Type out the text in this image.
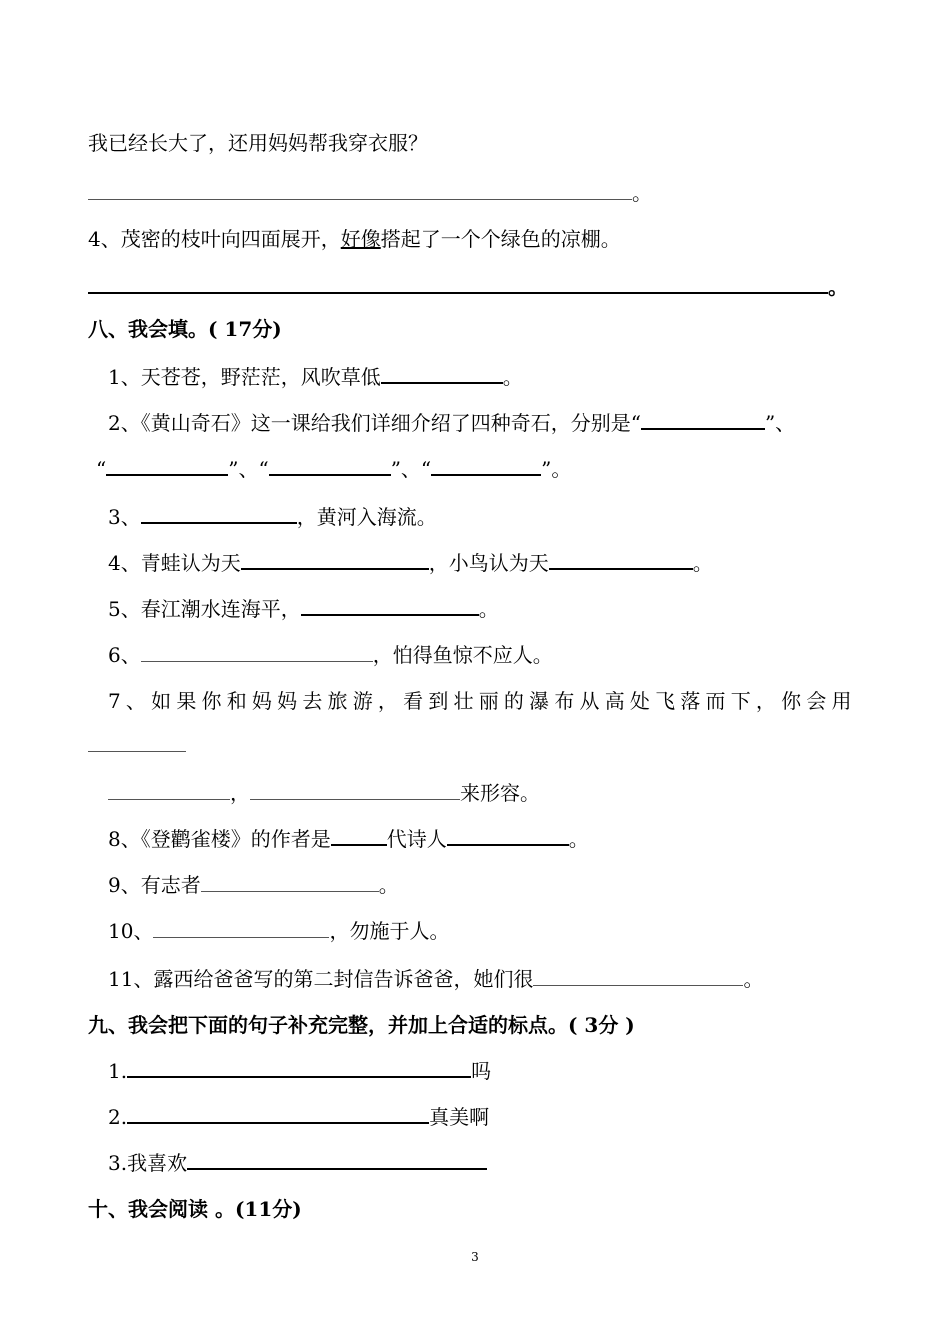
我已经长大了，还用妈妈帮我穿衣服？
。
4、茂密的枝叶向四面展开，好像搭起了一个个绿色的凉棚。
。
八、我会填。( 17分)
1、天苍苍，野茫茫，风吹草低	。
2、《黄山奇石》这一课给我们详细介绍了四种奇石，分别是“	”、
“	”、“	”、“	”。
3、	，黄河入海流。
4、青蛙认为天	，小鸟认为天	。
5、春江潮水连海平，	。
6、	，怕得鱼惊不应人。
7、如果你和妈妈去旅游，看到壮丽的瀑布从高处飞落而下，你会用
，	来形容。
8、《登鹳雀楼》的作者是	代诗人	。
9、有志者	。
10、	，勿施于人。
11、露西给爸爸写的第二封信告诉爸爸，她们很	。
九、我会把下面的句子补充完整，并加上合适的标点。( 3分 )
1.	吗
2.	真美啊
3.我喜欢
十、我会阅读 。(11分)
3
